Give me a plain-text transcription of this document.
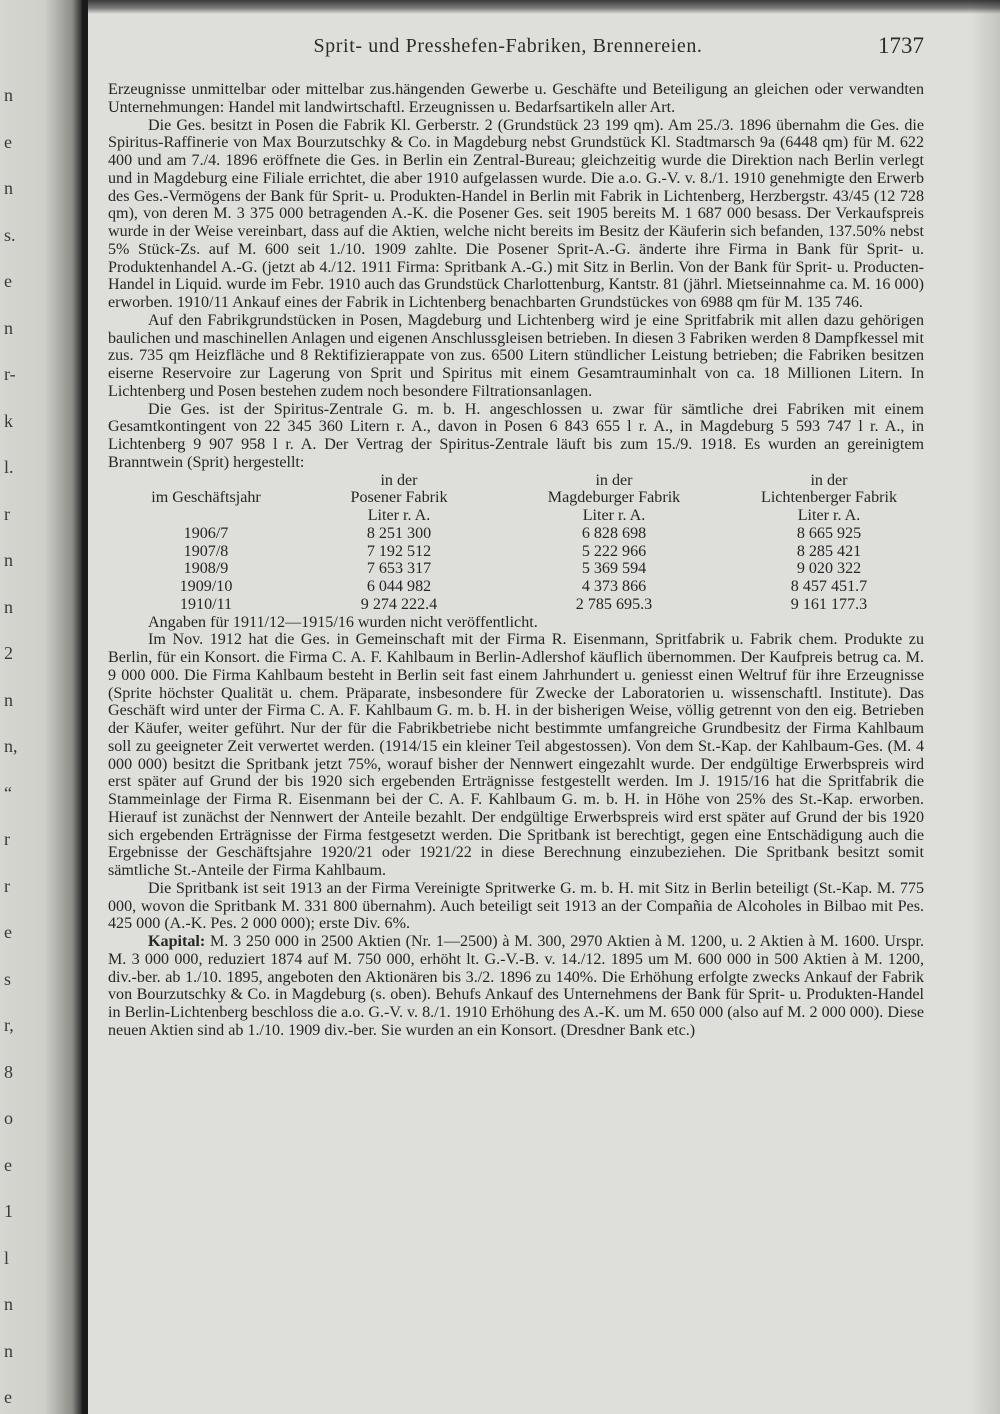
n
e
n
s.
e
n
r-
k
l.
r
n
n
2
n
n,
“
r
r
e
s
r,
8
o
e
1
l
n
n
e
Sprit- und Presshefen-Fabriken, Brennereien.	1737

Erzeugnisse unmittelbar oder mittelbar zus.hängenden Gewerbe u. Geschäfte und Beteiligung an gleichen oder verwandten Unternehmungen: Handel mit landwirtschaftl. Erzeugnissen u. Bedarfsartikeln aller Art.

Die Ges. besitzt in Posen die Fabrik Kl. Gerberstr. 2 (Grundstück 23 199 qm). Am 25./3. 1896 übernahm die Ges. die Spiritus-Raffinerie von Max Bourzutschky & Co. in Magdeburg nebst Grundstück Kl. Stadtmarsch 9a (6448 qm) für M. 622 400 und am 7./4. 1896 eröffnete die Ges. in Berlin ein Zentral-Bureau; gleichzeitig wurde die Direktion nach Berlin verlegt und in Magdeburg eine Filiale errichtet, die aber 1910 aufgelassen wurde. Die a.o. G.-V. v. 8./1. 1910 genehmigte den Erwerb des Ges.-Vermögens der Bank für Sprit- u. Produkten-Handel in Berlin mit Fabrik in Lichtenberg, Herzbergstr. 43/45 (12 728 qm), von deren M. 3 375 000 betragenden A.-K. die Posener Ges. seit 1905 bereits M. 1 687 000 besass. Der Verkaufspreis wurde in der Weise vereinbart, dass auf die Aktien, welche nicht bereits im Besitz der Käuferin sich befanden, 137.50% nebst 5% Stück-Zs. auf M. 600 seit 1./10. 1909 zahlte. Die Posener Sprit-A.-G. änderte ihre Firma in Bank für Sprit- u. Produktenhandel A.-G. (jetzt ab 4./12. 1911 Firma: Spritbank A.-G.) mit Sitz in Berlin. Von der Bank für Sprit- u. Producten-Handel in Liquid. wurde im Febr. 1910 auch das Grundstück Charlottenburg, Kantstr. 81 (jährl. Mietseinnahme ca. M. 16 000) erworben. 1910/11 Ankauf eines der Fabrik in Lichtenberg benachbarten Grundstückes von 6988 qm für M. 135 746.

Auf den Fabrikgrundstücken in Posen, Magdeburg und Lichtenberg wird je eine Spritfabrik mit allen dazu gehörigen baulichen und maschinellen Anlagen und eigenen Anschlussgleisen betrieben. In diesen 3 Fabriken werden 8 Dampfkessel mit zus. 735 qm Heizfläche und 8 Rektifizierappate von zus. 6500 Litern stündlicher Leistung betrieben; die Fabriken besitzen eiserne Reservoire zur Lagerung von Sprit und Spiritus mit einem Gesamtrauminhalt von ca. 18 Millionen Litern. In Lichtenberg und Posen bestehen zudem noch besondere Filtrationsanlagen.

Die Ges. ist der Spiritus-Zentrale G. m. b. H. angeschlossen u. zwar für sämtliche drei Fabriken mit einem Gesamtkontingent von 22 345 360 Litern r. A., davon in Posen 6 843 655 l r. A., in Magdeburg 5 593 747 l r. A., in Lichtenberg 9 907 958 l r. A. Der Vertrag der Spiritus-Zentrale läuft bis zum 15./9. 1918. Es wurden an gereinigtem Branntwein (Sprit) hergestellt:

	in der	in der	in der
im Geschäftsjahr	Posener Fabrik	Magdeburger Fabrik	Lichtenberger Fabrik
	Liter r. A.	Liter r. A.	Liter r. A.
1906/7	8 251 300	6 828 698	8 665 925
1907/8	7 192 512	5 222 966	8 285 421
1908/9	7 653 317	5 369 594	9 020 322
1909/10	6 044 982	4 373 866	8 457 451.7
1910/11	9 274 222.4	2 785 695.3	9 161 177.3

Angaben für 1911/12—1915/16 wurden nicht veröffentlicht.

Im Nov. 1912 hat die Ges. in Gemeinschaft mit der Firma R. Eisenmann, Spritfabrik u. Fabrik chem. Produkte zu Berlin, für ein Konsort. die Firma C. A. F. Kahlbaum in Berlin-Adlershof käuflich übernommen. Der Kaufpreis betrug ca. M. 9 000 000. Die Firma Kahlbaum besteht in Berlin seit fast einem Jahrhundert u. geniesst einen Weltruf für ihre Erzeugnisse (Sprite höchster Qualität u. chem. Präparate, insbesondere für Zwecke der Laboratorien u. wissenschaftl. Institute). Das Geschäft wird unter der Firma C. A. F. Kahlbaum G. m. b. H. in der bisherigen Weise, völlig getrennt von den eig. Betrieben der Käufer, weiter geführt. Nur der für die Fabrikbetriebe nicht bestimmte umfangreiche Grundbesitz der Firma Kahlbaum soll zu geeigneter Zeit verwertet werden. (1914/15 ein kleiner Teil abgestossen). Von dem St.-Kap. der Kahlbaum-Ges. (M. 4 000 000) besitzt die Spritbank jetzt 75%, worauf bisher der Nennwert eingezahlt wurde. Der endgültige Erwerbspreis wird erst später auf Grund der bis 1920 sich ergebenden Erträgnisse festgestellt werden. Im J. 1915/16 hat die Spritfabrik die Stammeinlage der Firma R. Eisenmann bei der C. A. F. Kahlbaum G. m. b. H. in Höhe von 25% des St.-Kap. erworben. Hierauf ist zunächst der Nennwert der Anteile bezahlt. Der endgültige Erwerbspreis wird erst später auf Grund der bis 1920 sich ergebenden Erträgnisse der Firma festgesetzt werden. Die Spritbank ist berechtigt, gegen eine Entschädigung auch die Ergebnisse der Geschäftsjahre 1920/21 oder 1921/22 in diese Berechnung einzubeziehen. Die Spritbank besitzt somit sämtliche St.-Anteile der Firma Kahlbaum.

Die Spritbank ist seit 1913 an der Firma Vereinigte Spritwerke G. m. b. H. mit Sitz in Berlin beteiligt (St.-Kap. M. 775 000, wovon die Spritbank M. 331 800 übernahm). Auch beteiligt seit 1913 an der Compañia de Alcoholes in Bilbao mit Pes. 425 000 (A.-K. Pes. 2 000 000); erste Div. 6%.

Kapital: M. 3 250 000 in 2500 Aktien (Nr. 1—2500) à M. 300, 2970 Aktien à M. 1200, u. 2 Aktien à M. 1600. Urspr. M. 3 000 000, reduziert 1874 auf M. 750 000, erhöht lt. G.-V.-B. v. 14./12. 1895 um M. 600 000 in 500 Aktien à M. 1200, div.-ber. ab 1./10. 1895, angeboten den Aktionären bis 3./2. 1896 zu 140%. Die Erhöhung erfolgte zwecks Ankauf der Fabrik von Bourzutschky & Co. in Magdeburg (s. oben). Behufs Ankauf des Unternehmens der Bank für Sprit- u. Produkten-Handel in Berlin-Lichtenberg beschloss die a.o. G.-V. v. 8./1. 1910 Erhöhung des A.-K. um M. 650 000 (also auf M. 2 000 000). Diese neuen Aktien sind ab 1./10. 1909 div.-ber. Sie wurden an ein Konsort. (Dresdner Bank etc.)
